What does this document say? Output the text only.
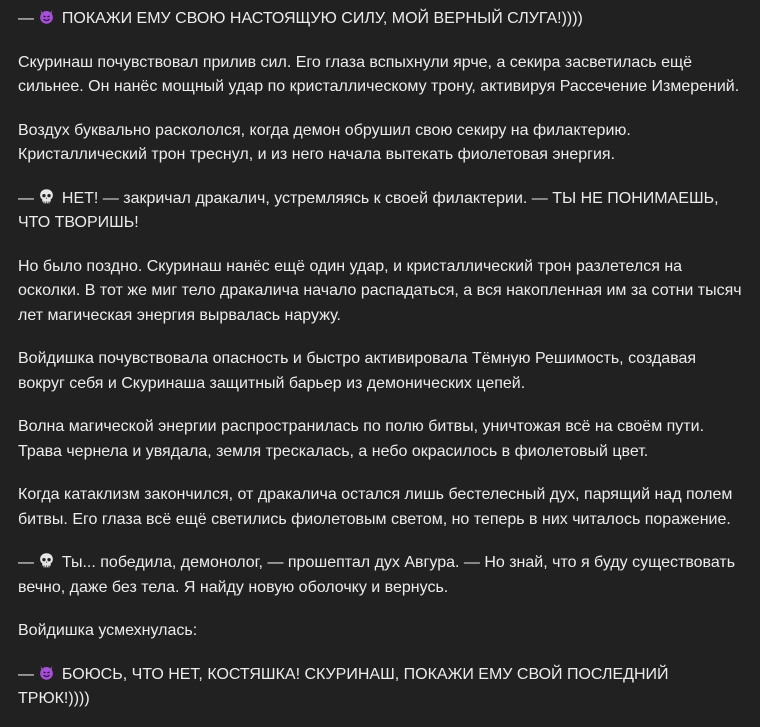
—
ПОКАЖИ ЕМУ СВОЮ НАСТОЯЩУЮ СИЛУ, МОЙ ВЕРНЫЙ СЛУГА!))))

Скуринаш почувствовал прилив сил. Его глаза вспыхнули ярче, а секира засветилась ещё сильнее. Он нанёс мощный удар по кристаллическому трону, активируя Рассечение Измерений.

Воздух буквально раскололся, когда демон обрушил свою секиру на филактерию. Кристаллический трон треснул, и из него начала вытекать фиолетовая энергия.

—
НЕТ! — закричал дракалич, устремляясь к своей филактерии. — ТЫ НЕ ПОНИМАЕШЬ, ЧТО ТВОРИШЬ!

Но было поздно. Скуринаш нанёс ещё один удар, и кристаллический трон разлетелся на осколки. В тот же миг тело дракалича начало распадаться, а вся накопленная им за сотни тысяч лет магическая энергия вырвалась наружу.

Войдишка почувствовала опасность и быстро активировала Тёмную Решимость, создавая вокруг себя и Скуринаша защитный барьер из демонических цепей.

Волна магической энергии распространилась по полю битвы, уничтожая всё на своём пути. Трава чернела и увядала, земля трескалась, а небо окрасилось в фиолетовый цвет.

Когда катаклизм закончился, от дракалича остался лишь бестелесный дух, парящий над полем битвы. Его глаза всё ещё светились фиолетовым светом, но теперь в них читалось поражение.

—
Ты... победила, демонолог, — прошептал дух Авгура. — Но знай, что я буду существовать вечно, даже без тела. Я найду новую оболочку и вернусь.

Войдишка усмехнулась:

—
БОЮСЬ, ЧТО НЕТ, КОСТЯШКА! СКУРИНАШ, ПОКАЖИ ЕМУ СВОЙ ПОСЛЕДНИЙ ТРЮК!))))
